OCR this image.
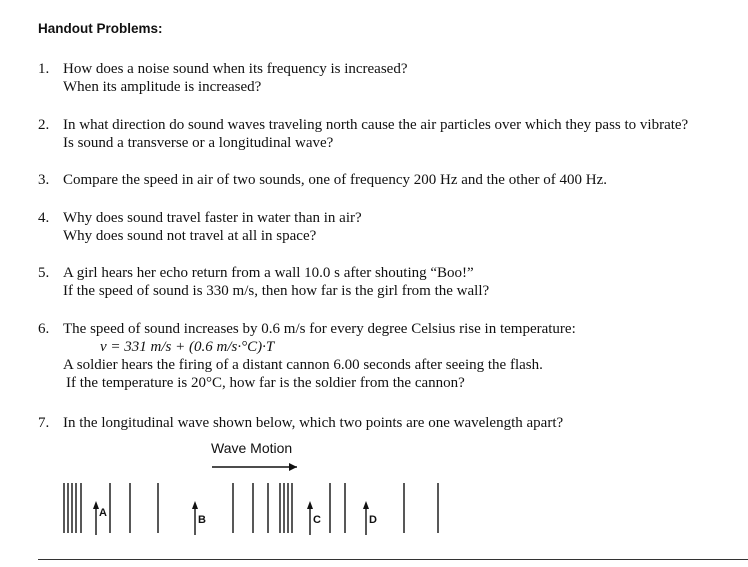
Handout Problems:
1. How does a noise sound when its frequency is increased?
When its amplitude is increased?
2. In what direction do sound waves traveling north cause the air particles over which they pass to vibrate?
Is sound a transverse or a longitudinal wave?
3. Compare the speed in air of two sounds, one of frequency 200 Hz and the other of 400 Hz.
4. Why does sound travel faster in water than in air?
Why does sound not travel at all in space?
5. A girl hears her echo return from a wall 10.0 s after shouting “Boo!”
If the speed of sound is 330 m/s, then how far is the girl from the wall?
6. The speed of sound increases by 0.6 m/s for every degree Celsius rise in temperature:
v = 331 m/s + (0.6 m/s·°C)·T
A soldier hears the firing of a distant cannon 6.00 seconds after seeing the flash.
If the temperature is 20°C, how far is the soldier from the cannon?
7. In the longitudinal wave shown below, which two points are one wavelength apart?
Wave Motion
A
B	C	D
